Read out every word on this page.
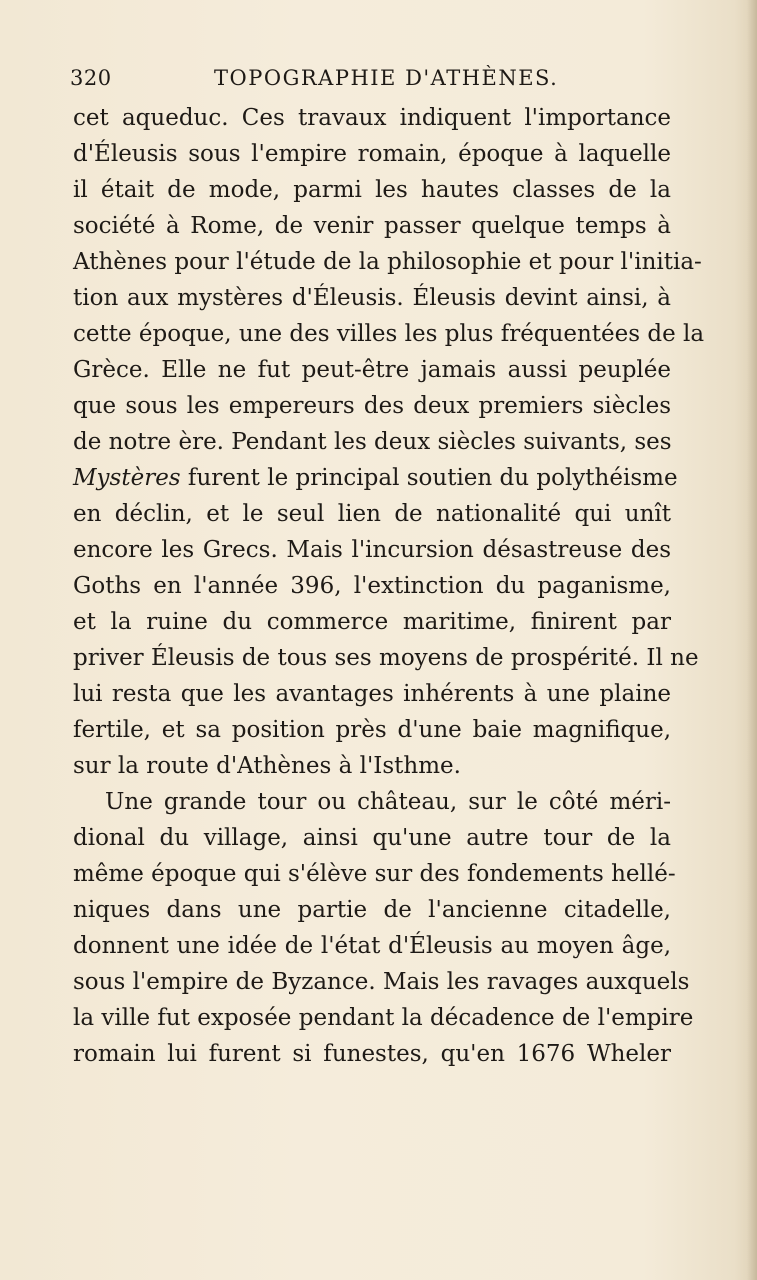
320	TOPOGRAPHIE D'ATHÈNES.
cet aqueduc. Ces travaux indiquent l'importance
d'Éleusis sous l'empire romain, époque à laquelle
il était de mode, parmi les hautes classes de la
société à Rome, de venir passer quelque temps à
Athènes pour l'étude de la philosophie et pour l'initia-
tion aux mystères d'Éleusis. Éleusis devint ainsi, à
cette époque, une des villes les plus fréquentées de la
Grèce. Elle ne fut peut-être jamais aussi peuplée
que sous les empereurs des deux premiers siècles
de notre ère. Pendant les deux siècles suivants, ses
Mystères furent le principal soutien du polythéisme
en déclin, et le seul lien de nationalité qui unît
encore les Grecs. Mais l'incursion désastreuse des
Goths en l'année 396, l'extinction du paganisme,
et la ruine du commerce maritime, finirent par
priver Éleusis de tous ses moyens de prospérité. Il ne
lui resta que les avantages inhérents à une plaine
fertile, et sa position près d'une baie magnifique,
sur la route d'Athènes à l'Isthme.
Une grande tour ou château, sur le côté méri-
dional du village, ainsi qu'une autre tour de la
même époque qui s'élève sur des fondements hellé-
niques dans une partie de l'ancienne citadelle,
donnent une idée de l'état d'Éleusis au moyen âge,
sous l'empire de Byzance. Mais les ravages auxquels
la ville fut exposée pendant la décadence de l'empire
romain lui furent si funestes, qu'en 1676 Wheler
